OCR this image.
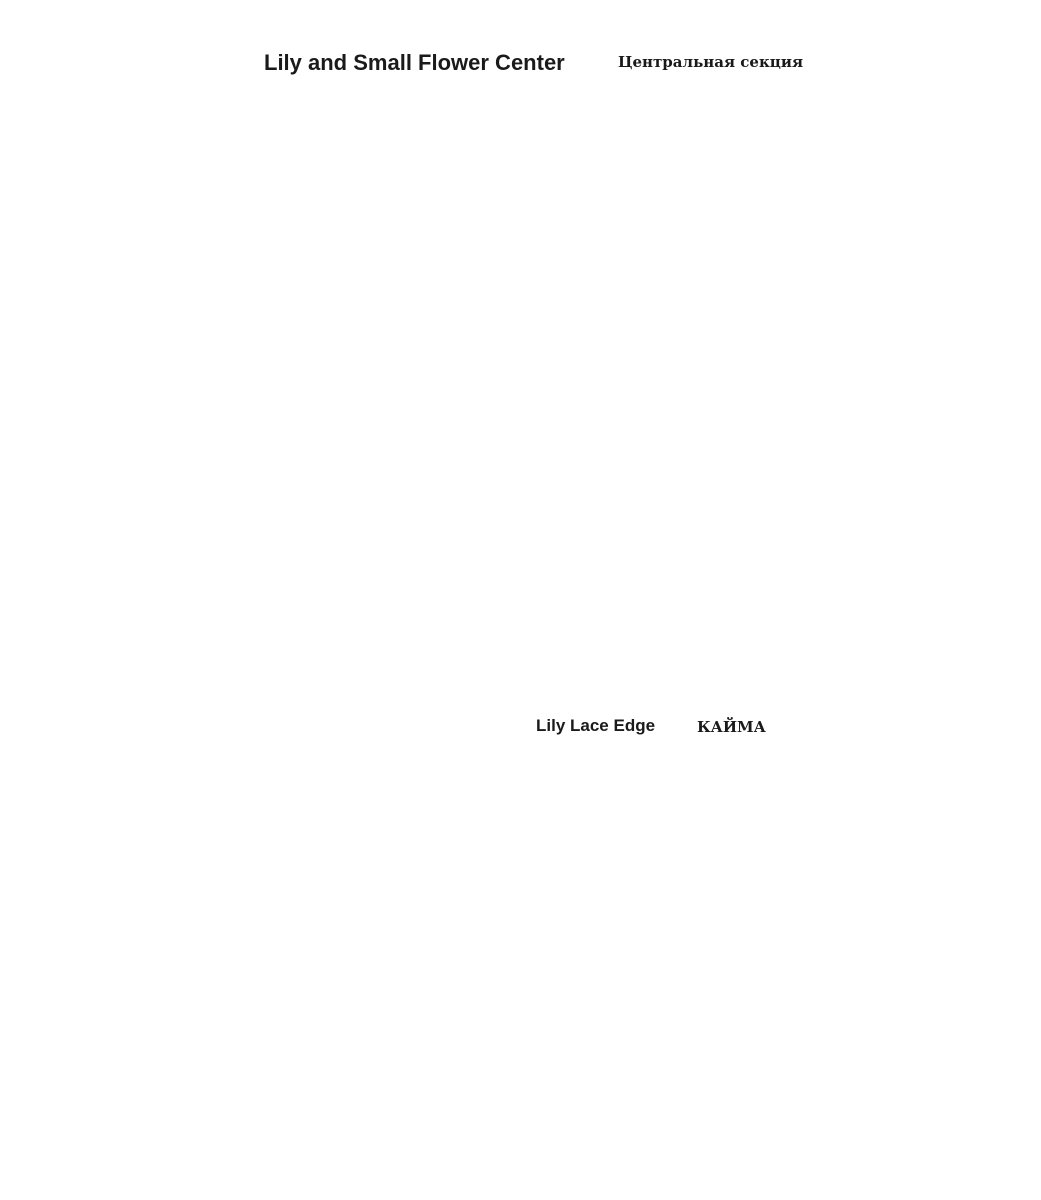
Lily and Small Flower Center	Центральная секция
Lily Lace Edge	КАЙМА
